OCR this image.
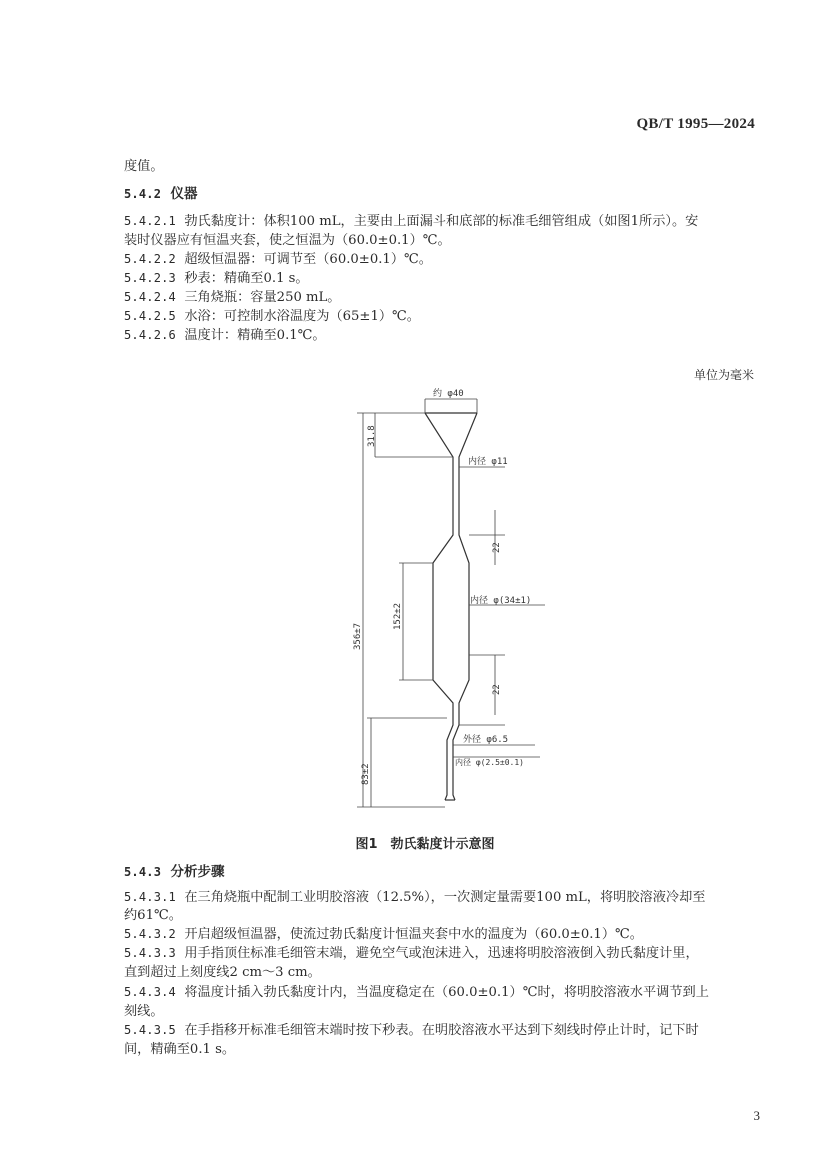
QB/T 1995—2024
度值。
5.4.2 仪器
5.4.2.1 勃氏黏度计：体积100 mL，主要由上面漏斗和底部的标准毛细管组成（如图1所示）。安
装时仪器应有恒温夹套，使之恒温为（60.0±0.1）℃。
5.4.2.2 超级恒温器：可调节至（60.0±0.1）℃。
5.4.2.3 秒表：精确至0.1 s。
5.4.2.4 三角烧瓶：容量250 mL。
5.4.2.5 水浴：可控制水浴温度为（65±1）℃。
5.4.2.6 温度计：精确至0.1℃。
单位为毫米
约 φ40
31.8
内径 φ11
22
152±2
内径 φ(34±1)
22
356±7
外径 φ6.5
内径 φ(2.5±0.1)
83±2
图1　勃氏黏度计示意图
5.4.3 分析步骤
5.4.3.1 在三角烧瓶中配制工业明胶溶液（12.5%），一次测定量需要100 mL，将明胶溶液冷却至
约61℃。
5.4.3.2 开启超级恒温器，使流过勃氏黏度计恒温夹套中水的温度为（60.0±0.1）℃。
5.4.3.3 用手指顶住标准毛细管末端，避免空气或泡沫进入，迅速将明胶溶液倒入勃氏黏度计里，
直到超过上刻度线2 cm～3 cm。
5.4.3.4 将温度计插入勃氏黏度计内，当温度稳定在（60.0±0.1）℃时，将明胶溶液水平调节到上
刻线。
5.4.3.5 在手指移开标准毛细管末端时按下秒表。在明胶溶液水平达到下刻线时停止计时，记下时
间，精确至0.1 s。
3
